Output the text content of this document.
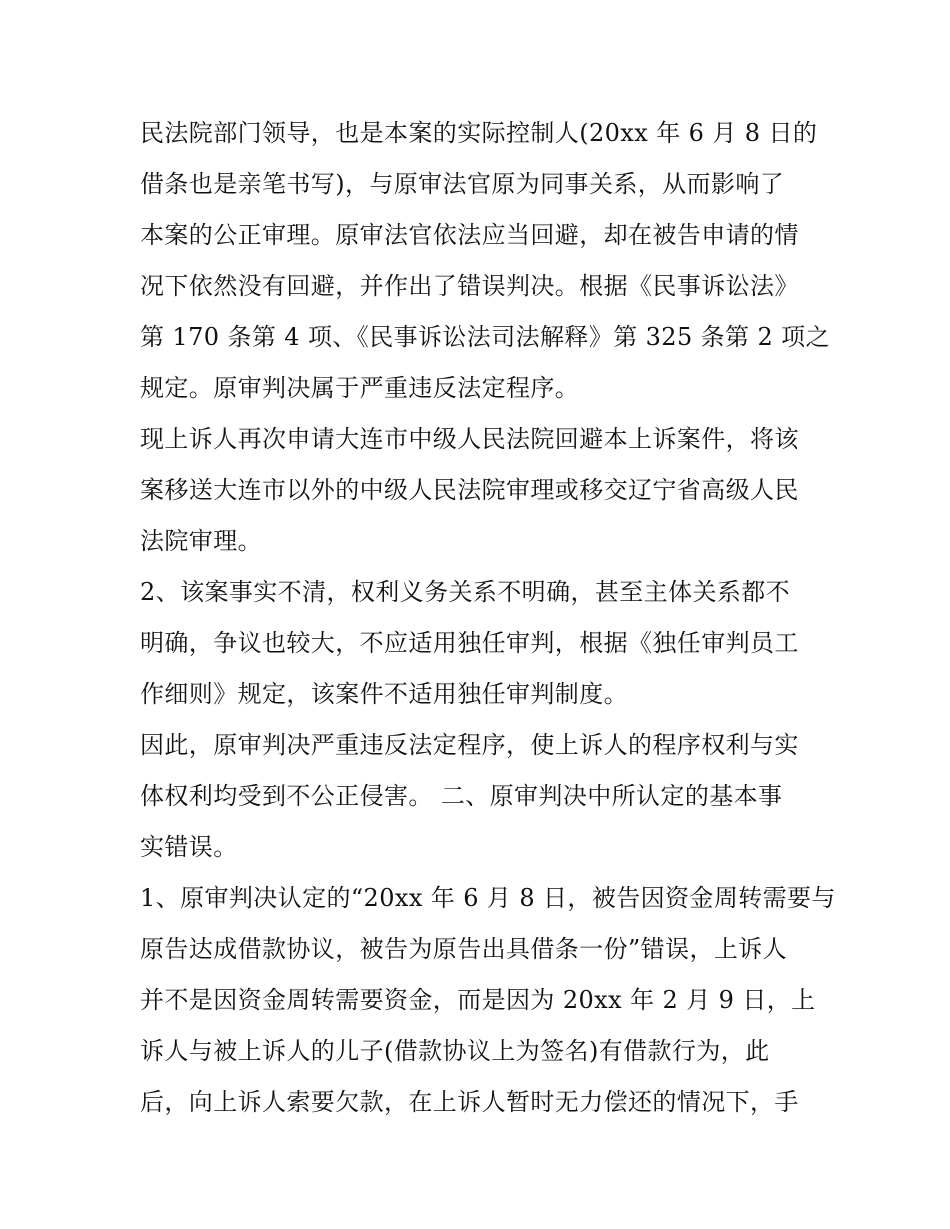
民法院部门领导，也是本案的实际控制人(20xx 年 6 月 8 日的
借条也是亲笔书写)，与原审法官原为同事关系，从而影响了
本案的公正审理。原审法官依法应当回避，却在被告申请的情
况下依然没有回避，并作出了错误判决。根据《民事诉讼法》
第 170 条第 4 项、《民事诉讼法司法解释》第 325 条第 2 项之
规定。原审判决属于严重违反法定程序。
现上诉人再次申请大连市中级人民法院回避本上诉案件，将该
案移送大连市以外的中级人民法院审理或移交辽宁省高级人民
法院审理。
2、该案事实不清，权利义务关系不明确，甚至主体关系都不
明确，争议也较大，不应适用独任审判，根据《独任审判员工
作细则》规定，该案件不适用独任审判制度。
因此，原审判决严重违反法定程序，使上诉人的程序权利与实
体权利均受到不公正侵害。 二、原审判决中所认定的基本事
实错误。
1、原审判决认定的“20xx 年 6 月 8 日，被告因资金周转需要与
原告达成借款协议，被告为原告出具借条一份”错误，上诉人
并不是因资金周转需要资金，而是因为 20xx 年 2 月 9 日，上
诉人与被上诉人的儿子(借款协议上为签名)有借款行为，此
后，向上诉人索要欠款，在上诉人暂时无力偿还的情况下，手
